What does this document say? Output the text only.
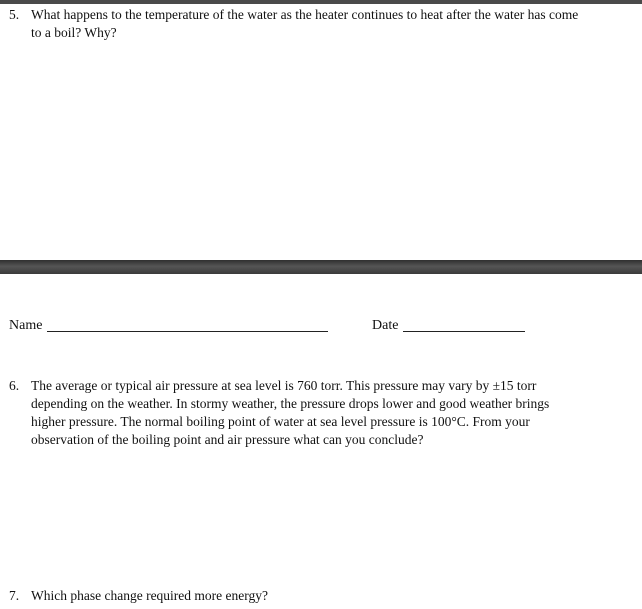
5. What happens to the temperature of the water as the heater continues to heat after the water has come
to a boil? Why?
Name	Date
6. The average or typical air pressure at sea level is 760 torr. This pressure may vary by ±15 torr
depending on the weather. In stormy weather, the pressure drops lower and good weather brings
higher pressure. The normal boiling point of water at sea level pressure is 100°C. From your
observation of the boiling point and air pressure what can you conclude?
7. Which phase change required more energy?
